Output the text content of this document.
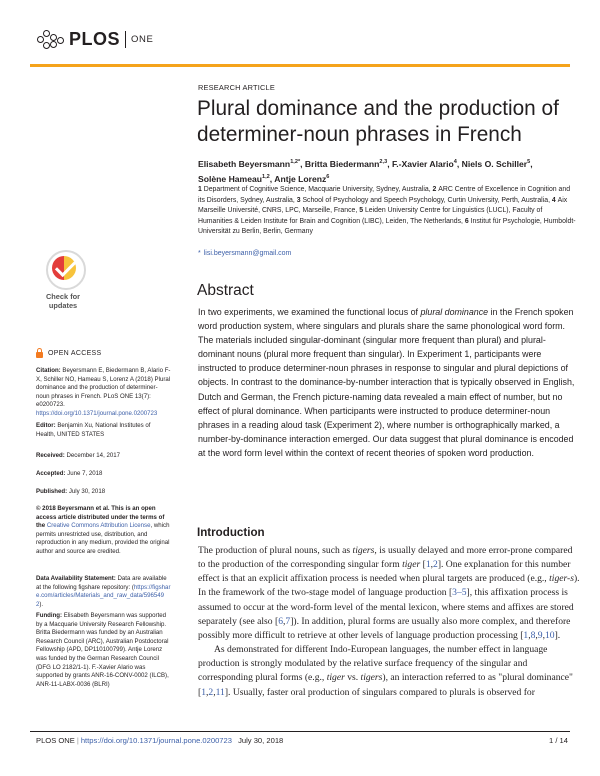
PLOS ONE
RESEARCH ARTICLE
Plural dominance and the production of determiner-noun phrases in French
Elisabeth Beyersmann$^{1,2*}$, Britta Biedermann$^{2,3}$, F.-Xavier Alario$^4$, Niels O. Schiller$^5$,
Solène Hameau$^{1,2}$, Antje Lorenz$^6$
1 Department of Cognitive Science, Macquarie University, Sydney, Australia, 2 ARC Centre of Excellence in Cognition and its Disorders, Sydney, Australia, 3 School of Psychology and Speech Psychology, Curtin University, Perth, Australia, 4 Aix Marseille Université, CNRS, LPC, Marseille, France, 5 Leiden University Centre for Linguistics (LUCL), Faculty of Humanities & Leiden Institute for Brain and Cognition (LIBC), Leiden, The Netherlands, 6 Institut für Psychologie, Humboldt-Universität zu Berlin, Berlin, Germany
* lisi.beyersmann@gmail.com
Abstract

In two experiments, we examined the functional locus of plural dominance in the French spoken word production system, where singulars and plurals share the same phonological word form. The materials included singular-dominant (singular more frequent than plural) and plural-dominant nouns (plural more frequent than singular). In Experiment 1, participants were instructed to produce determiner-noun phrases in response to singular and plural depictions of objects. In contrast to the dominance-by-number interaction that is typically observed in English, Dutch and German, the French picture-naming data revealed a main effect of number, but no effect of plural dominance. When participants were instructed to produce determiner-noun phrases in a reading aloud task (Experiment 2), where number is orthographically marked, a number-by-dominance interaction emerged. Our data suggest that plural dominance is encoded at the word form level within the context of recent theories of spoken word production.

Introduction

The production of plural nouns, such as tigers, is usually delayed and more error-prone compared to the production of the corresponding singular form tiger [1,2]. One explanation for this number effect is that an explicit affixation process is needed when plural targets are produced (e.g., tiger-s). In the framework of the two-stage model of language production [3–5], this affixation process is assumed to occur at the word-form level of the mental lexicon, where stems and affixes are stored separately (see also [6,7]). In addition, plural forms are usually also more complex, and therefore possibly more difficult to retrieve at other levels of language production processing [1,8,9,10].

As demonstrated for different Indo-European languages, the number effect in language production is strongly modulated by the relative surface frequency of the singular and corresponding plural forms (e.g., tiger vs. tigers), an interaction referred to as "plural dominance" [1,2,11]. Usually, faster oral production of singulars compared to plurals is observed for

Check for
updates
OPEN ACCESS
Citation: Beyersmann E, Biedermann B, Alario F-X, Schiller NO, Hameau S, Lorenz A (2018) Plural dominance and the production of determiner-noun phrases in French. PLoS ONE 13(7): e0200723. https://doi.org/10.1371/journal.pone.0200723
Editor: Benjamin Xu, National Institutes of Health, UNITED STATES
Received: December 14, 2017
Accepted: June 7, 2018
Published: July 30, 2018
© 2018 Beyersmann et al. This is an open access article distributed under the terms of the Creative Commons Attribution License, which permits unrestricted use, distribution, and reproduction in any medium, provided the original author and source are credited.
Data Availability Statement: Data are available at the following figshare repository: (https://figshare.com/articles/Materials_and_raw_data/5965492).
Funding: Elisabeth Beyersmann was supported by a Macquarie University Research Fellowship. Britta Biedermann was funded by an Australian Research Council (ARC), Australian Postdoctoral Fellowship (APD, DP110100799). Antje Lorenz was funded by the German Research Council (DFG LO 2182/1-1). F.-Xavier Alario was supported by grants ANR-16-CONV-0002 (ILCB), ANR-11-LABX-0036 (BLRI)
PLOS ONE | https://doi.org/10.1371/journal.pone.0200723 July 30, 2018	1 / 14
